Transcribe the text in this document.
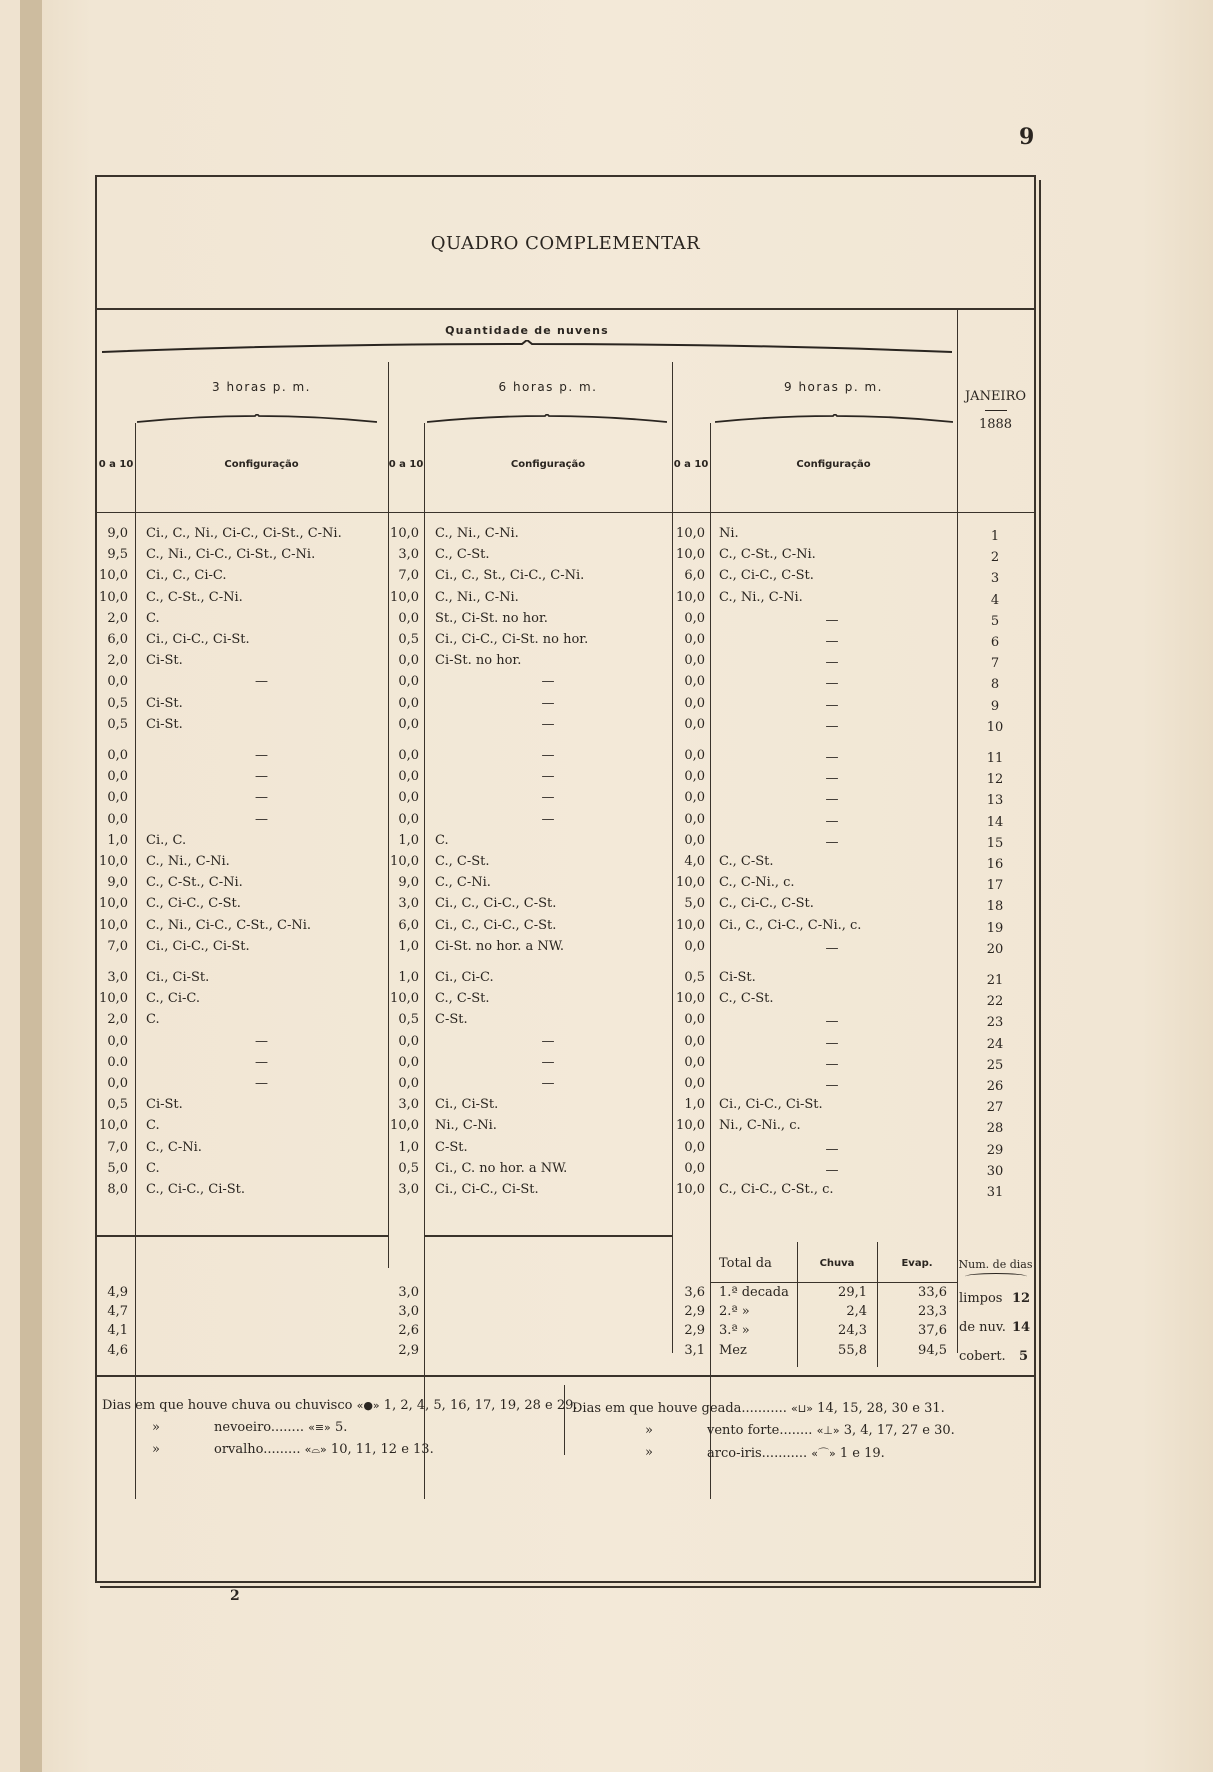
9
QUADRO COMPLEMENTAR
Quantidade de nuvens
3 horas p. m.	6 horas p. m.	9 horas p. m.
JANEIRO
1888
0 a 10	Configuração	0 a 10	Configuração	0 a 10	Configuração
9,0 Ci., C., Ni., Ci-C., Ci-St., C-Ni.	10,0 C., Ni., C-Ni.	10,0 Ni.	1
9,5 C., Ni., Ci-C., Ci-St., C-Ni.	3,0 C., C-St.	10,0 C., C-St., C-Ni.	2
10,0 Ci., C., Ci-C.	7,0 Ci., C., St., Ci-C., C-Ni.	6,0 C., Ci-C., C-St.	3
10,0 C., C-St., C-Ni.	10,0 C., Ni., C-Ni.	10,0 C., Ni., C-Ni.	4
2,0 C.	0,0 St., Ci-St. no hor.	0,0	—	5
6,0 Ci., Ci-C., Ci-St.	0,5 Ci., Ci-C., Ci-St. no hor.	0,0	—	6
2,0 Ci-St.	0,0 Ci-St. no hor.	0,0	—	7
0,0	—	0,0	—	0,0	—	8
0,5 Ci-St.	0,0	—	0,0	—	9
0,5 Ci-St.	0,0	—	0,0	—	10
0,0	—	0,0	—	0,0	—	11
0,0	—	0,0	—	0,0	—	12
0,0	—	0,0	—	0,0	—	13
0,0	—	0,0	—	0,0	—	14
1,0 Ci., C.	1,0 C.	0,0	—	15
10,0 C., Ni., C-Ni.	10,0 C., C-St.	4,0 C., C-St.	16
9,0 C., C-St., C-Ni.	9,0 C., C-Ni.	10,0 C., C-Ni., c.	17
10,0 C., Ci-C., C-St.	3,0 Ci., C., Ci-C., C-St.	5,0 C., Ci-C., C-St.	18
10,0 C., Ni., Ci-C., C-St., C-Ni.	6,0 Ci., C., Ci-C., C-St.	10,0 Ci., C., Ci-C., C-Ni., c.	19
7,0 Ci., Ci-C., Ci-St.	1,0 Ci-St. no hor. a NW.	0,0	—	20
3,0 Ci., Ci-St.	1,0 Ci., Ci-C.	0,5 Ci-St.	21
10,0 C., Ci-C.	10,0 C., C-St.	10,0 C., C-St.	22
2,0 C.	0,5 C-St.	0,0	—	23
0,0	—	0,0	—	0,0	—	24
0.0	—	0,0	—	0,0	—	25
0,0	—	0,0	—	0,0	—	26
0,5 Ci-St.	3,0 Ci., Ci-St.	1,0 Ci., Ci-C., Ci-St.	27
10,0 C.	10,0 Ni., C-Ni.	10,0 Ni., C-Ni., c.	28
7,0 C., C-Ni.	1,0 C-St.	0,0	—	29
5,0 C.	0,5 Ci., C. no hor. a NW.	0,0	—	30
8,0 C., Ci-C., Ci-St.	3,0 Ci., Ci-C., Ci-St.	10,0 C., Ci-C., C-St., c.	31
Total da	Chuva	Evap.	Num. de dias
4,9	3,0	3,6 1.ª decada	29,1	33,6
4,7	3,0	2,9 2.ª »	2,4	23,3
4,1	2,6	2,9 3.ª »	24,3	37,6
4,6	2,9	3,1 Mez	55,8	94,5
limpos 12
de nuv. 14
cobert. 5
Dias em que houve chuva ou chuvisco «●» 1, 2, 4, 5, 16, 17, 19, 28 e 29.
»	nevoeiro........ «≡» 5.
»	orvalho......... «⌓» 10, 11, 12 e 13.
Dias em que houve geada........... «⊔» 14, 15, 28, 30 e 31.
»	vento forte........ «⊥» 3, 4, 17, 27 e 30.
»	arco-iris........... «⌒» 1 e 19.
2
